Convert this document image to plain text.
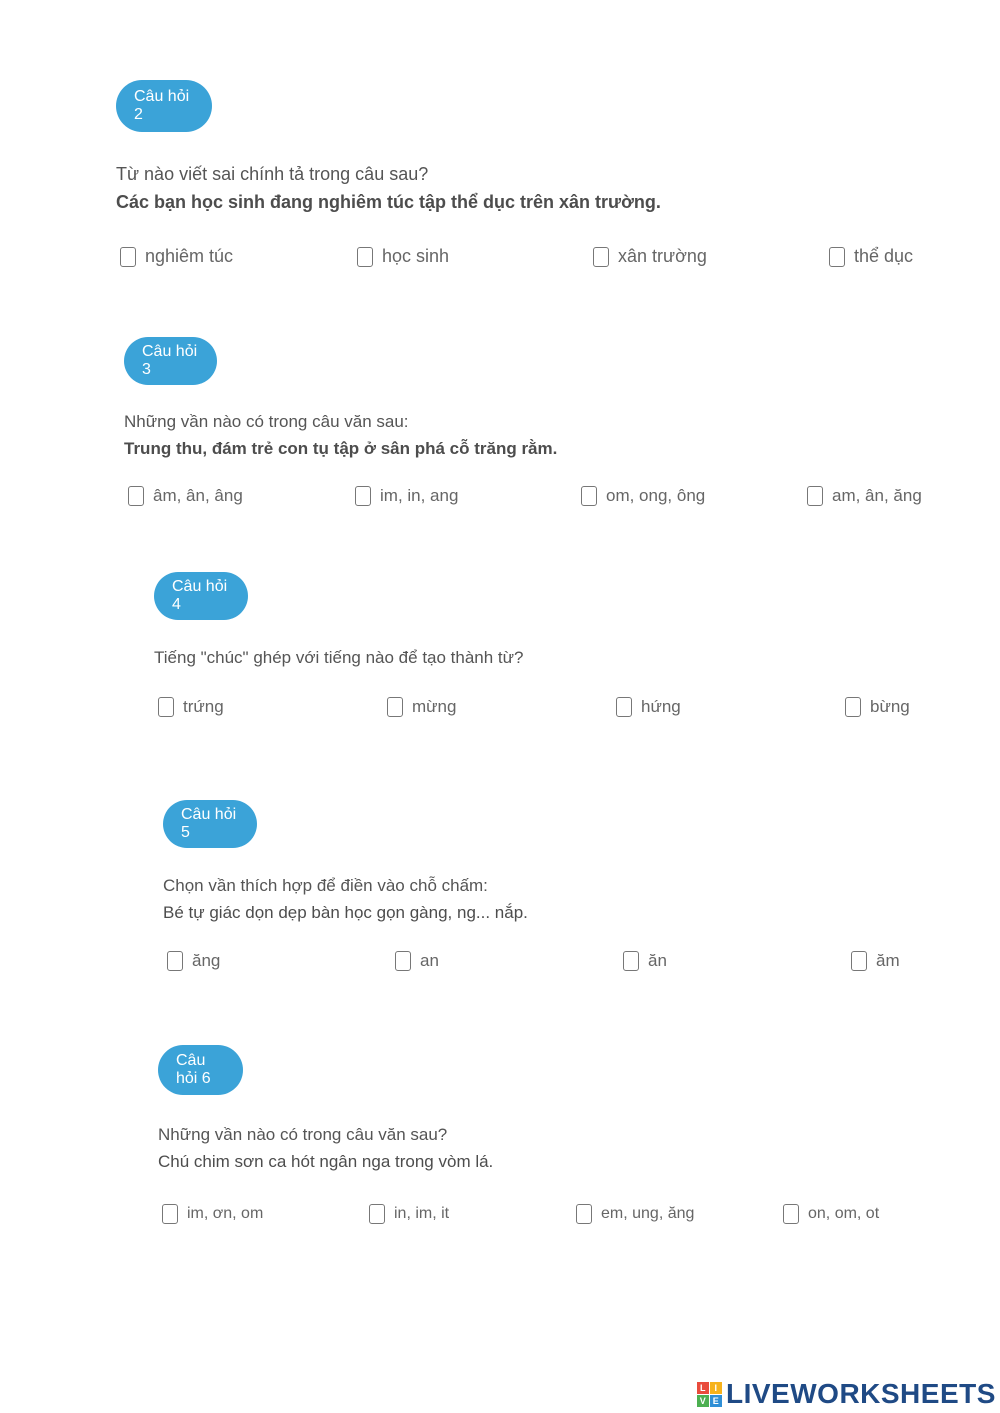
Câu hỏi 2
Từ nào viết sai chính tả trong câu sau?
Các bạn học sinh đang nghiêm túc tập thể dục trên xân trường.
nghiêm túc	học sinh	xân trường	thể dục
Câu hỏi 3
Những vần nào có trong câu văn sau:
Trung thu, đám trẻ con tụ tập ở sân phá cỗ trăng rằm.
âm, ân, âng	im, in, ang	om, ong, ông	am, ân, ăng
Câu hỏi 4
Tiếng "chúc" ghép với tiếng nào để tạo thành từ?
trứng	mừng	hứng	bừng
Câu hỏi 5
Chọn vần thích hợp để điền vào chỗ chấm:
Bé tự giác dọn dẹp bàn học gọn gàng, ng... nắp.
ăng	an	ăn	ăm
Câu hỏi 6
Những vần nào có trong câu văn sau?
Chú chim sơn ca hót ngân nga trong vòm lá.
im, ơn, om	in, im, it	em, ung, ăng	on, om, ot
L I
V E LIVEWORKSHEETS
